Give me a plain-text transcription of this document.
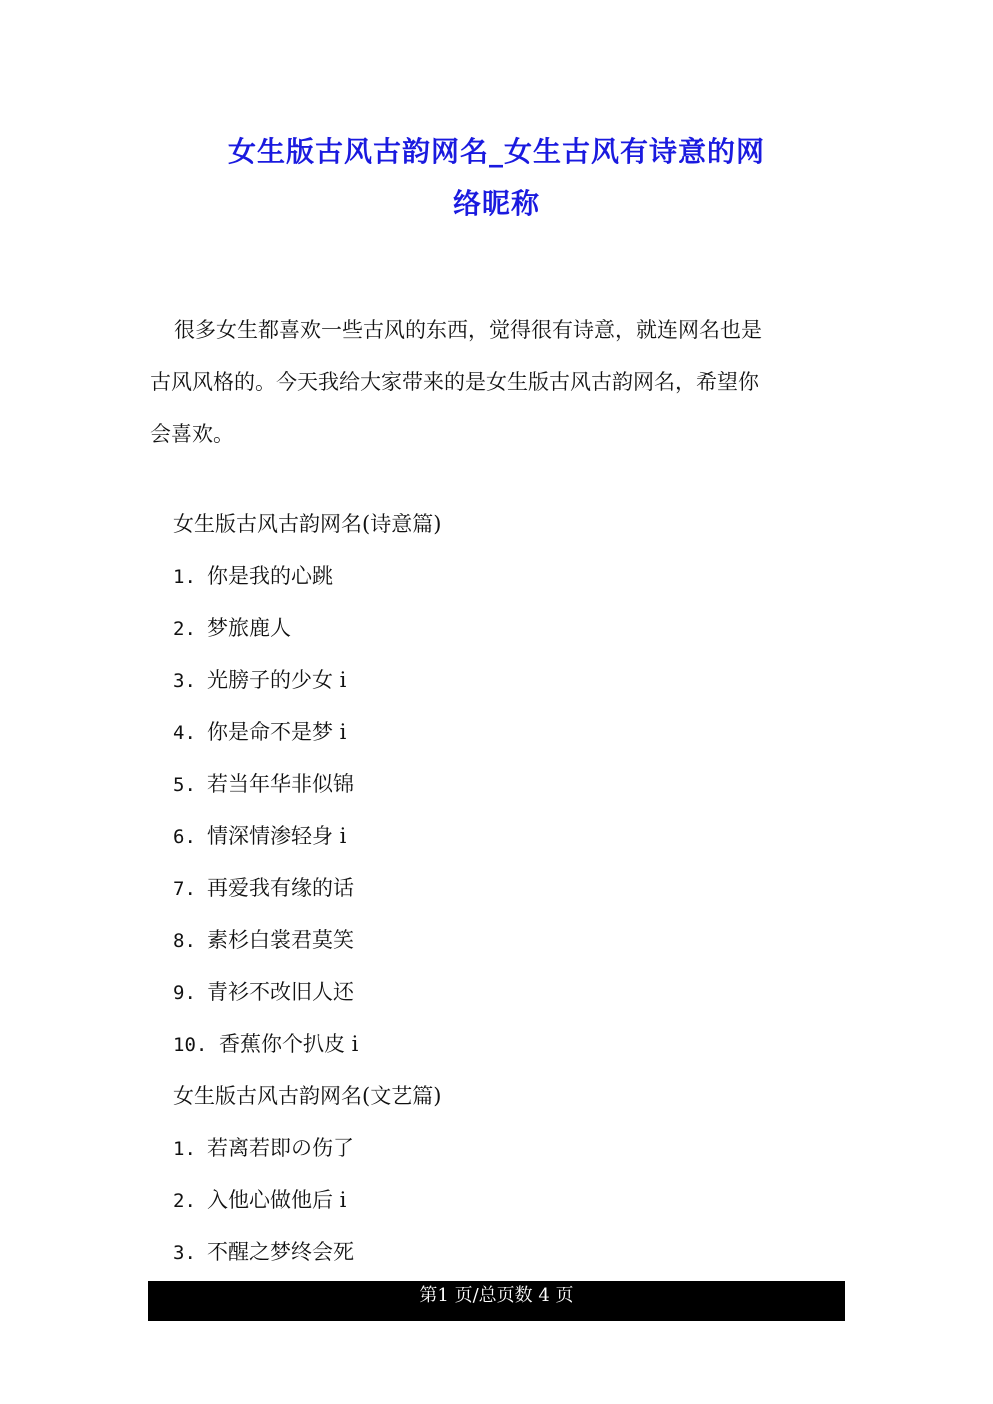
女生版古风古韵网名_女生古风有诗意的网
络昵称
很多女生都喜欢一些古风的东西，觉得很有诗意，就连网名也是
古风风格的。今天我给大家带来的是女生版古风古韵网名，希望你
会喜欢。
女生版古风古韵网名(诗意篇)
1. 你是我的心跳
2. 梦旅鹿人
3. 光膀子的少女 i
4. 你是命不是梦 i
5. 若当年华非似锦
6. 情深情渗轻身 i
7. 再爱我有缘的话
8. 素杉白裳君莫笑
9. 青衫不改旧人还
10. 香蕉你个扒皮 i
女生版古风古韵网名(文艺篇)
1. 若离若即の伤了
2. 入他心做他后 i
3. 不醒之梦终会死
第1 页/总页数 4 页
